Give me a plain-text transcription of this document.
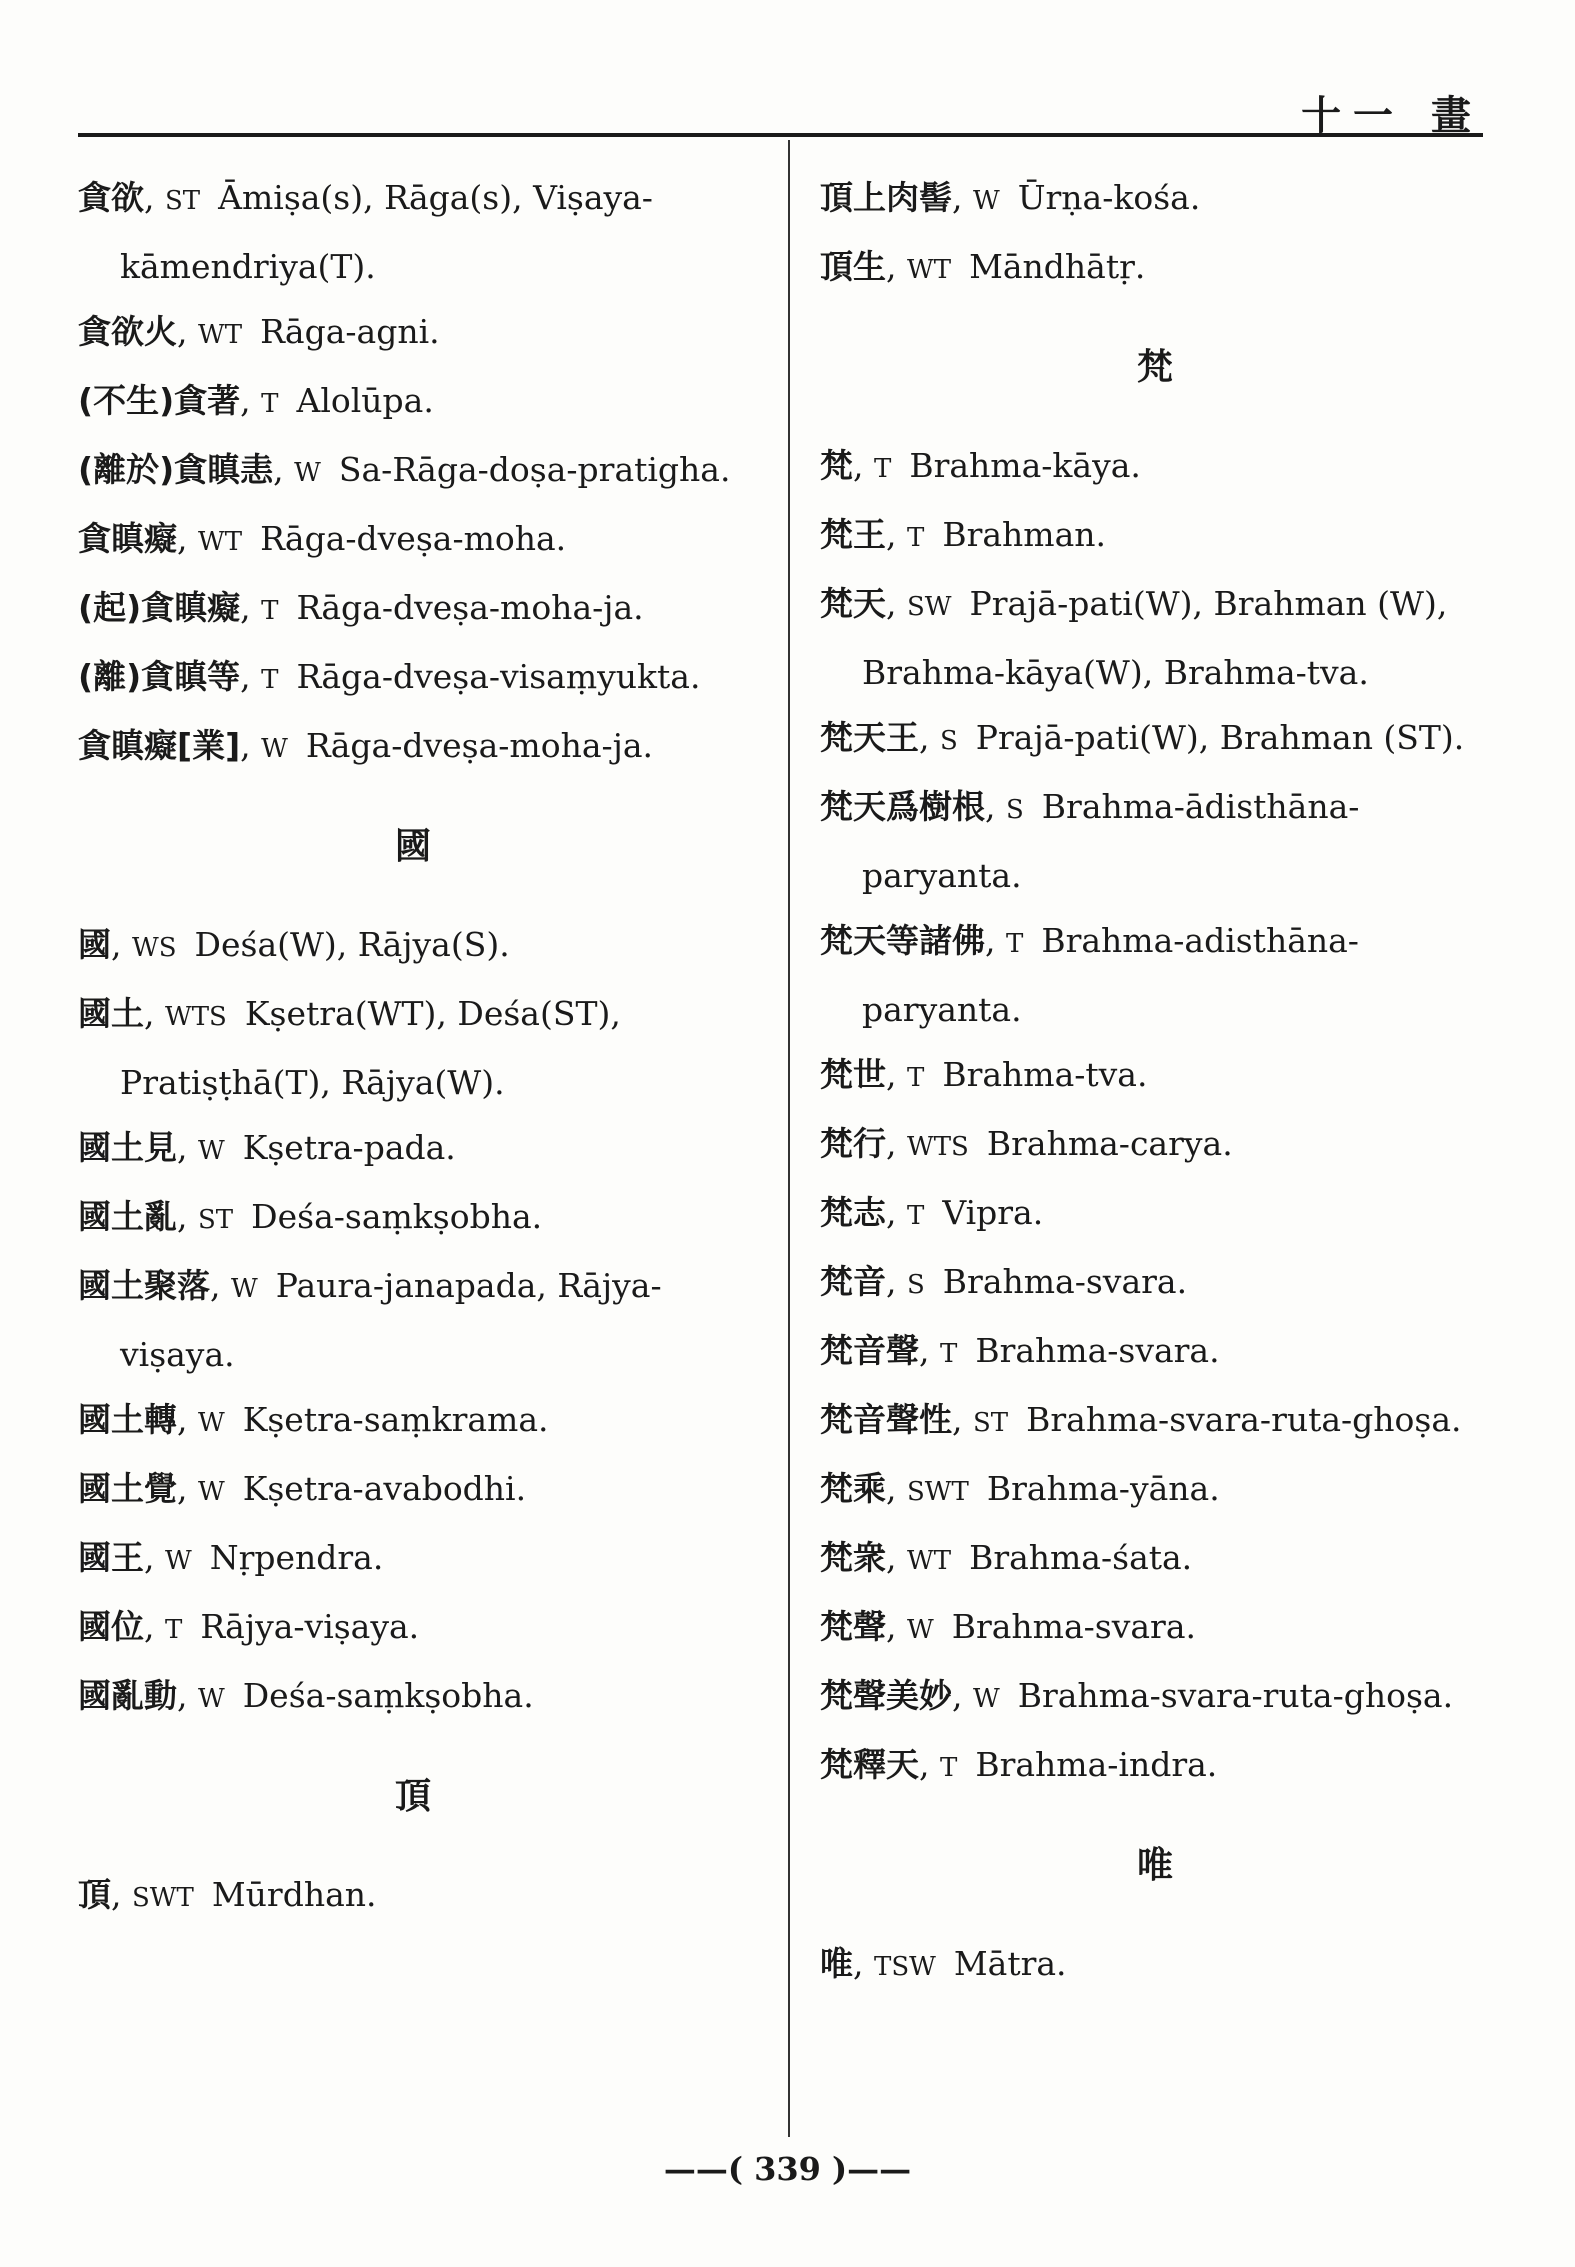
十一 畫
貪欲, ST Āmiṣa(s), Rāga(s), Viṣaya-kāmendriya(T).
貪欲火, WT Rāga-agni.
(不生)貪著, T Alolūpa.
(離於)貪瞋恚, W Sa-Rāga-doṣa-pratigha.
貪瞋癡, WT Rāga-dveṣa-moha.
(起)貪瞋癡, T Rāga-dveṣa-moha-ja.
(離)貪瞋等, T Rāga-dveṣa-visaṃyukta.
貪瞋癡[業], W Rāga-dveṣa-moha-ja.
國
國, WS Deśa(W), Rājya(S).
國土, WTS Kṣetra(WT), Deśa(ST), Pratiṣṭhā(T), Rājya(W).
國土見, W Kṣetra-pada.
國土亂, ST Deśa-saṃkṣobha.
國土聚落, W Paura-janapada, Rājya-viṣaya.
國土轉, W Kṣetra-saṃkrama.
國土覺, W Kṣetra-avabodhi.
國王, W Nṛpendra.
國位, T Rājya-viṣaya.
國亂動, W Deśa-saṃkṣobha.
頂
頂, SWT Mūrdhan.
頂上肉髻, W Ūrṇa-kośa.
頂生, WT Māndhātṛ.
梵
梵, T Brahma-kāya.
梵王, T Brahman.
梵天, SW Prajā-pati(W), Brahman (W), Brahma-kāya(W), Brahma-tva.
梵天王, S Prajā-pati(W), Brahman (ST).
梵天爲樹根, S Brahma-ādisthāna-paryanta.
梵天等諸佛, T Brahma-adisthāna-paryanta.
梵世, T Brahma-tva.
梵行, WTS Brahma-carya.
梵志, T Vipra.
梵音, S Brahma-svara.
梵音聲, T Brahma-svara.
梵音聲性, ST Brahma-svara-ruta-ghoṣa.
梵乘, SWT Brahma-yāna.
梵衆, WT Brahma-śata.
梵聲, W Brahma-svara.
梵聲美妙, W Brahma-svara-ruta-ghoṣa.
梵釋天, T Brahma-indra.
唯
唯, TSW Mātra.
——( 339 )——
